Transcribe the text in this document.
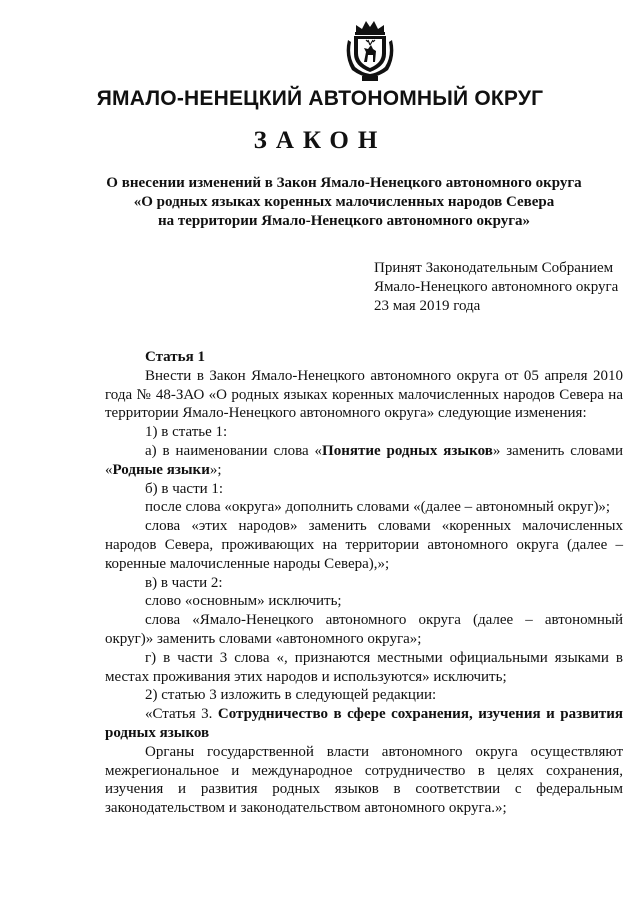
ЯМАЛО-НЕНЕЦКИЙ АВТОНОМНЫЙ ОКРУГ
ЗАКОН
О внесении изменений в Закон Ямало-Ненецкого автономного округа
«О родных языках коренных малочисленных народов Севера
на территории Ямало-Ненецкого автономного округа»
Принят Законодательным Собранием
Ямало-Ненецкого автономного округа
23 мая 2019 года

Статья 1

Внести в Закон Ямало-Ненецкого автономного округа от 05 апреля 2010 года № 48-ЗАО «О родных языках коренных малочисленных народов Севера на территории Ямало-Ненецкого автономного округа» следующие изменения:

1) в статье 1:

а) в наименовании слова «Понятие родных языков» заменить словами «Родные языки»;

б) в части 1:

после слова «округа» дополнить словами «(далее – автономный округ)»;

слова «этих народов» заменить словами «коренных малочисленных народов Севера, проживающих на территории автономного округа (далее – коренные малочисленные народы Севера),»;

в) в части 2:

слово «основным» исключить;

слова «Ямало-Ненецкого автономного округа (далее – автономный округ)» заменить словами «автономного округа»;

г) в части 3 слова «, признаются местными официальными языками в местах проживания этих народов и используются» исключить;

2) статью 3 изложить в следующей редакции:

«Статья 3. Сотрудничество в сфере сохранения, изучения и развития родных языков

Органы государственной власти автономного округа осуществляют межрегиональное и международное сотрудничество в целях сохранения, изучения и развития родных языков в соответствии с федеральным законодательством и законодательством автономного округа.»;
